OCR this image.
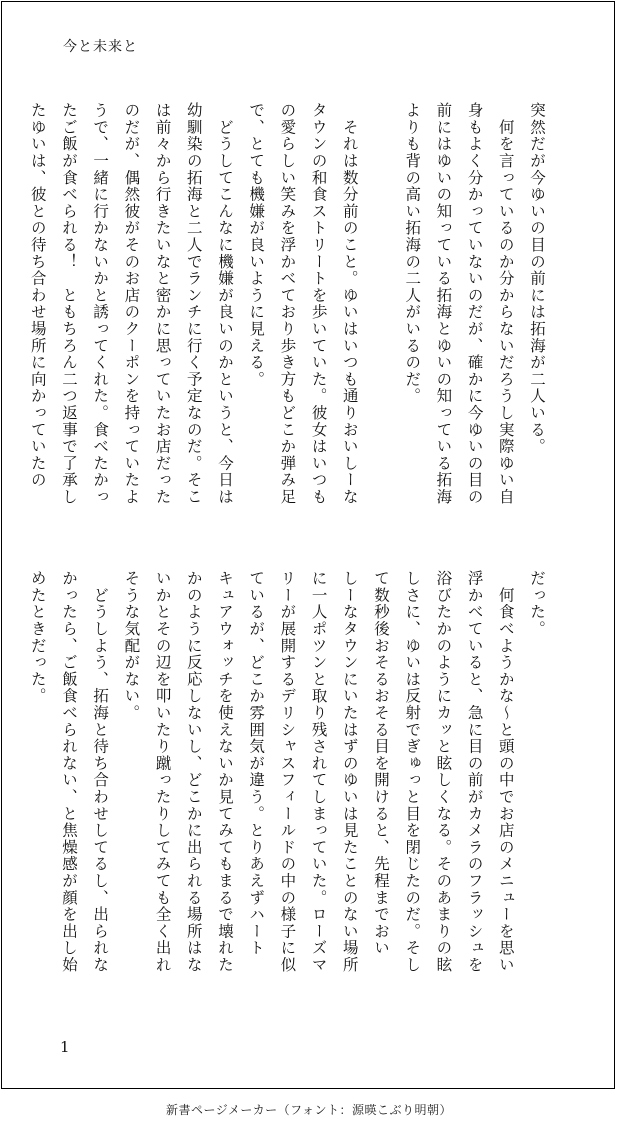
今と未来と

突然だが今ゆいの目の前には拓海が二人いる。

　何を言っているのか分からないだろうし実際ゆい自
身もよく分かっていないのだが、確かに今ゆいの目の
前にはゆいの知っている拓海とゆいの知っている拓海
よりも背の高い拓海の二人がいるのだ。

　それは数分前のこと。ゆいはいつも通りおいしーな
タウンの和食ストリートを歩いていた。彼女はいつも
の愛らしい笑みを浮かべており歩き方もどこか弾み足
で、とても機嫌が良いように見える。

　どうしてこんなに機嫌が良いのかというと、今日は
幼馴染の拓海と二人でランチに行く予定なのだ。そこ
は前々から行きたいなと密かに思っていたお店だった
のだが、偶然彼がそのお店のクーポンを持っていたよ
うで、一緒に行かないかと誘ってくれた。食べたかっ
たご飯が食べられる！　ともちろん二つ返事で了承し
たゆいは、彼との待ち合わせ場所に向かっていたの

だった。

　何食べようかな〜と頭の中でお店のメニューを思い
浮かべていると、急に目の前がカメラのフラッシュを
浴びたかのようにカッと眩しくなる。そのあまりの眩
しさに、ゆいは反射でぎゅっと目を閉じたのだ。そし
て数秒後おそるおそる目を開けると、先程までおい
しーなタウンにいたはずのゆいは見たことのない場所
に一人ポツンと取り残されてしまっていた。ローズマ
リーが展開するデリシャスフィールドの中の様子に似
ているが、どこか雰囲気が違う。とりあえずハート
キュアウォッチを使えないか見てみてもまるで壊れた
かのように反応しないし、どこかに出られる場所はな
いかとその辺を叩いたり蹴ったりしてみても全く出れ
そうな気配がない。

　どうしよう、拓海と待ち合わせしてるし、出られな
かったら、ご飯食べられない、と焦燥感が顔を出し始
めたときだった。

1
新書ページメーカー（フォント：源暎こぶり明朝）
